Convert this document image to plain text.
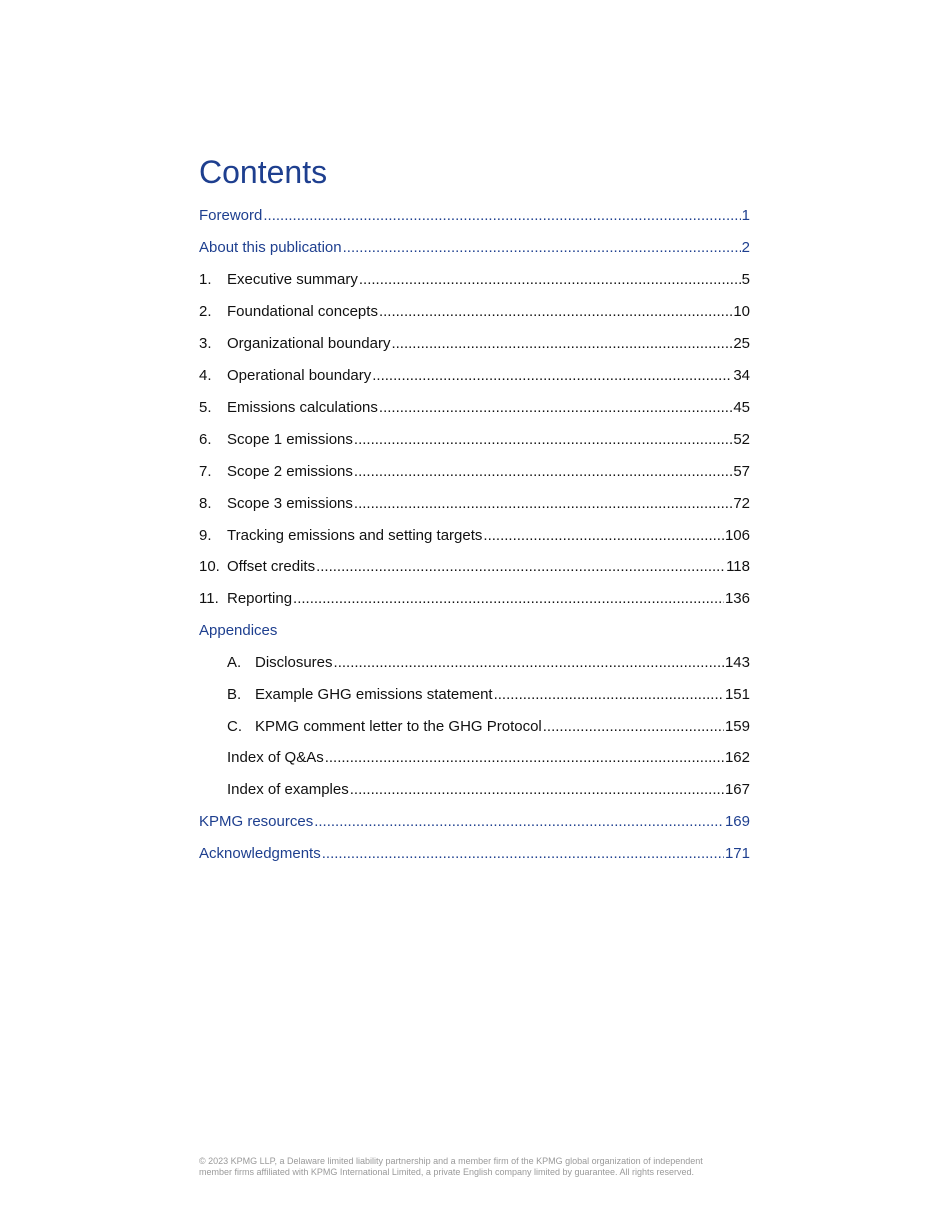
Contents
Foreword .....	1
About this publication .....	2
1.	Executive summary .....	5
2.	Foundational concepts .....	10
3.	Organizational boundary .....	25
4.	Operational boundary .....	34
5.	Emissions calculations .....	45
6.	Scope 1 emissions .....	52
7.	Scope 2 emissions .....	57
8.	Scope 3 emissions .....	72
9.	Tracking emissions and setting targets .....	106
10. Offset credits .....	118
11. Reporting .....	136
Appendices
A. Disclosures .....	143
B. Example GHG emissions statement .....	151
C. KPMG comment letter to the GHG Protocol .....	159
Index of Q&As .....	162
Index of examples .....	167
KPMG resources .....	169
Acknowledgments .....	171
© 2023 KPMG LLP, a Delaware limited liability partnership and a member firm of the KPMG global organization of independent
member firms affiliated with KPMG International Limited, a private English company limited by guarantee. All rights reserved.
